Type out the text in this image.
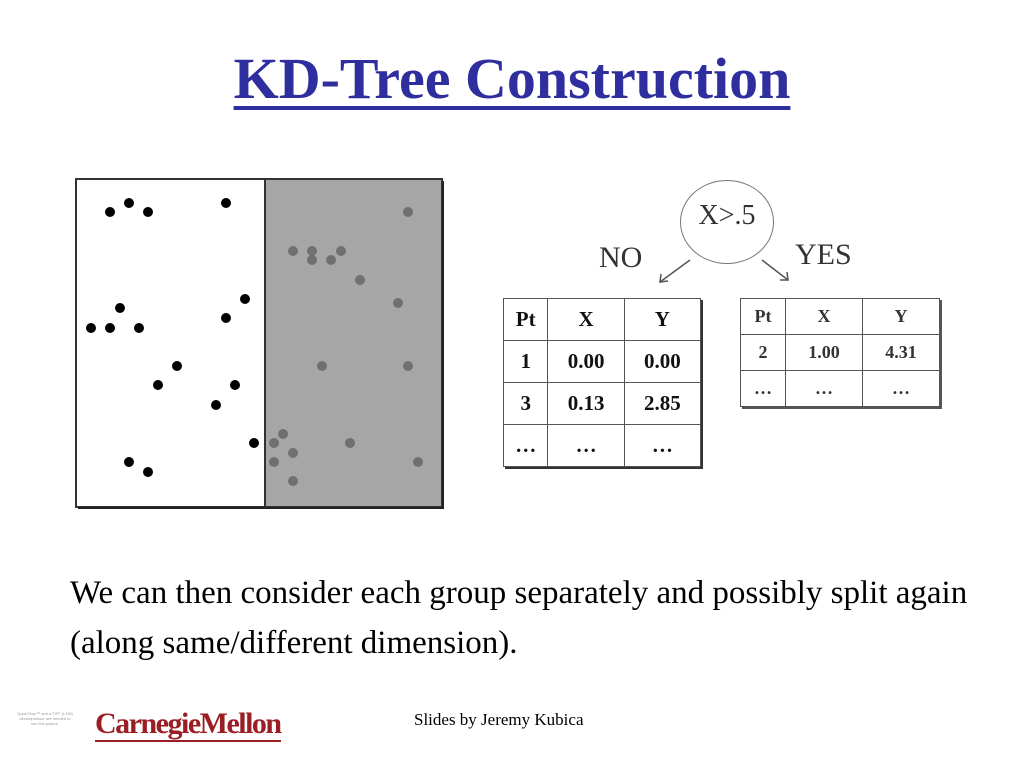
KD-Tree Construction
X>.5
NO	YES
Pt	X	Y
1	0.00	0.00
3	0.13	2.85
…	…	…
Pt	X	Y
2	1.00	4.31
…	…	…
We can then consider each group separately and possibly split again (along same/different dimension).
QuickTime™ and a TIFF (LZW) decompressor are needed to see this picture.	CarnegieMellon	Slides by Jeremy Kubica
